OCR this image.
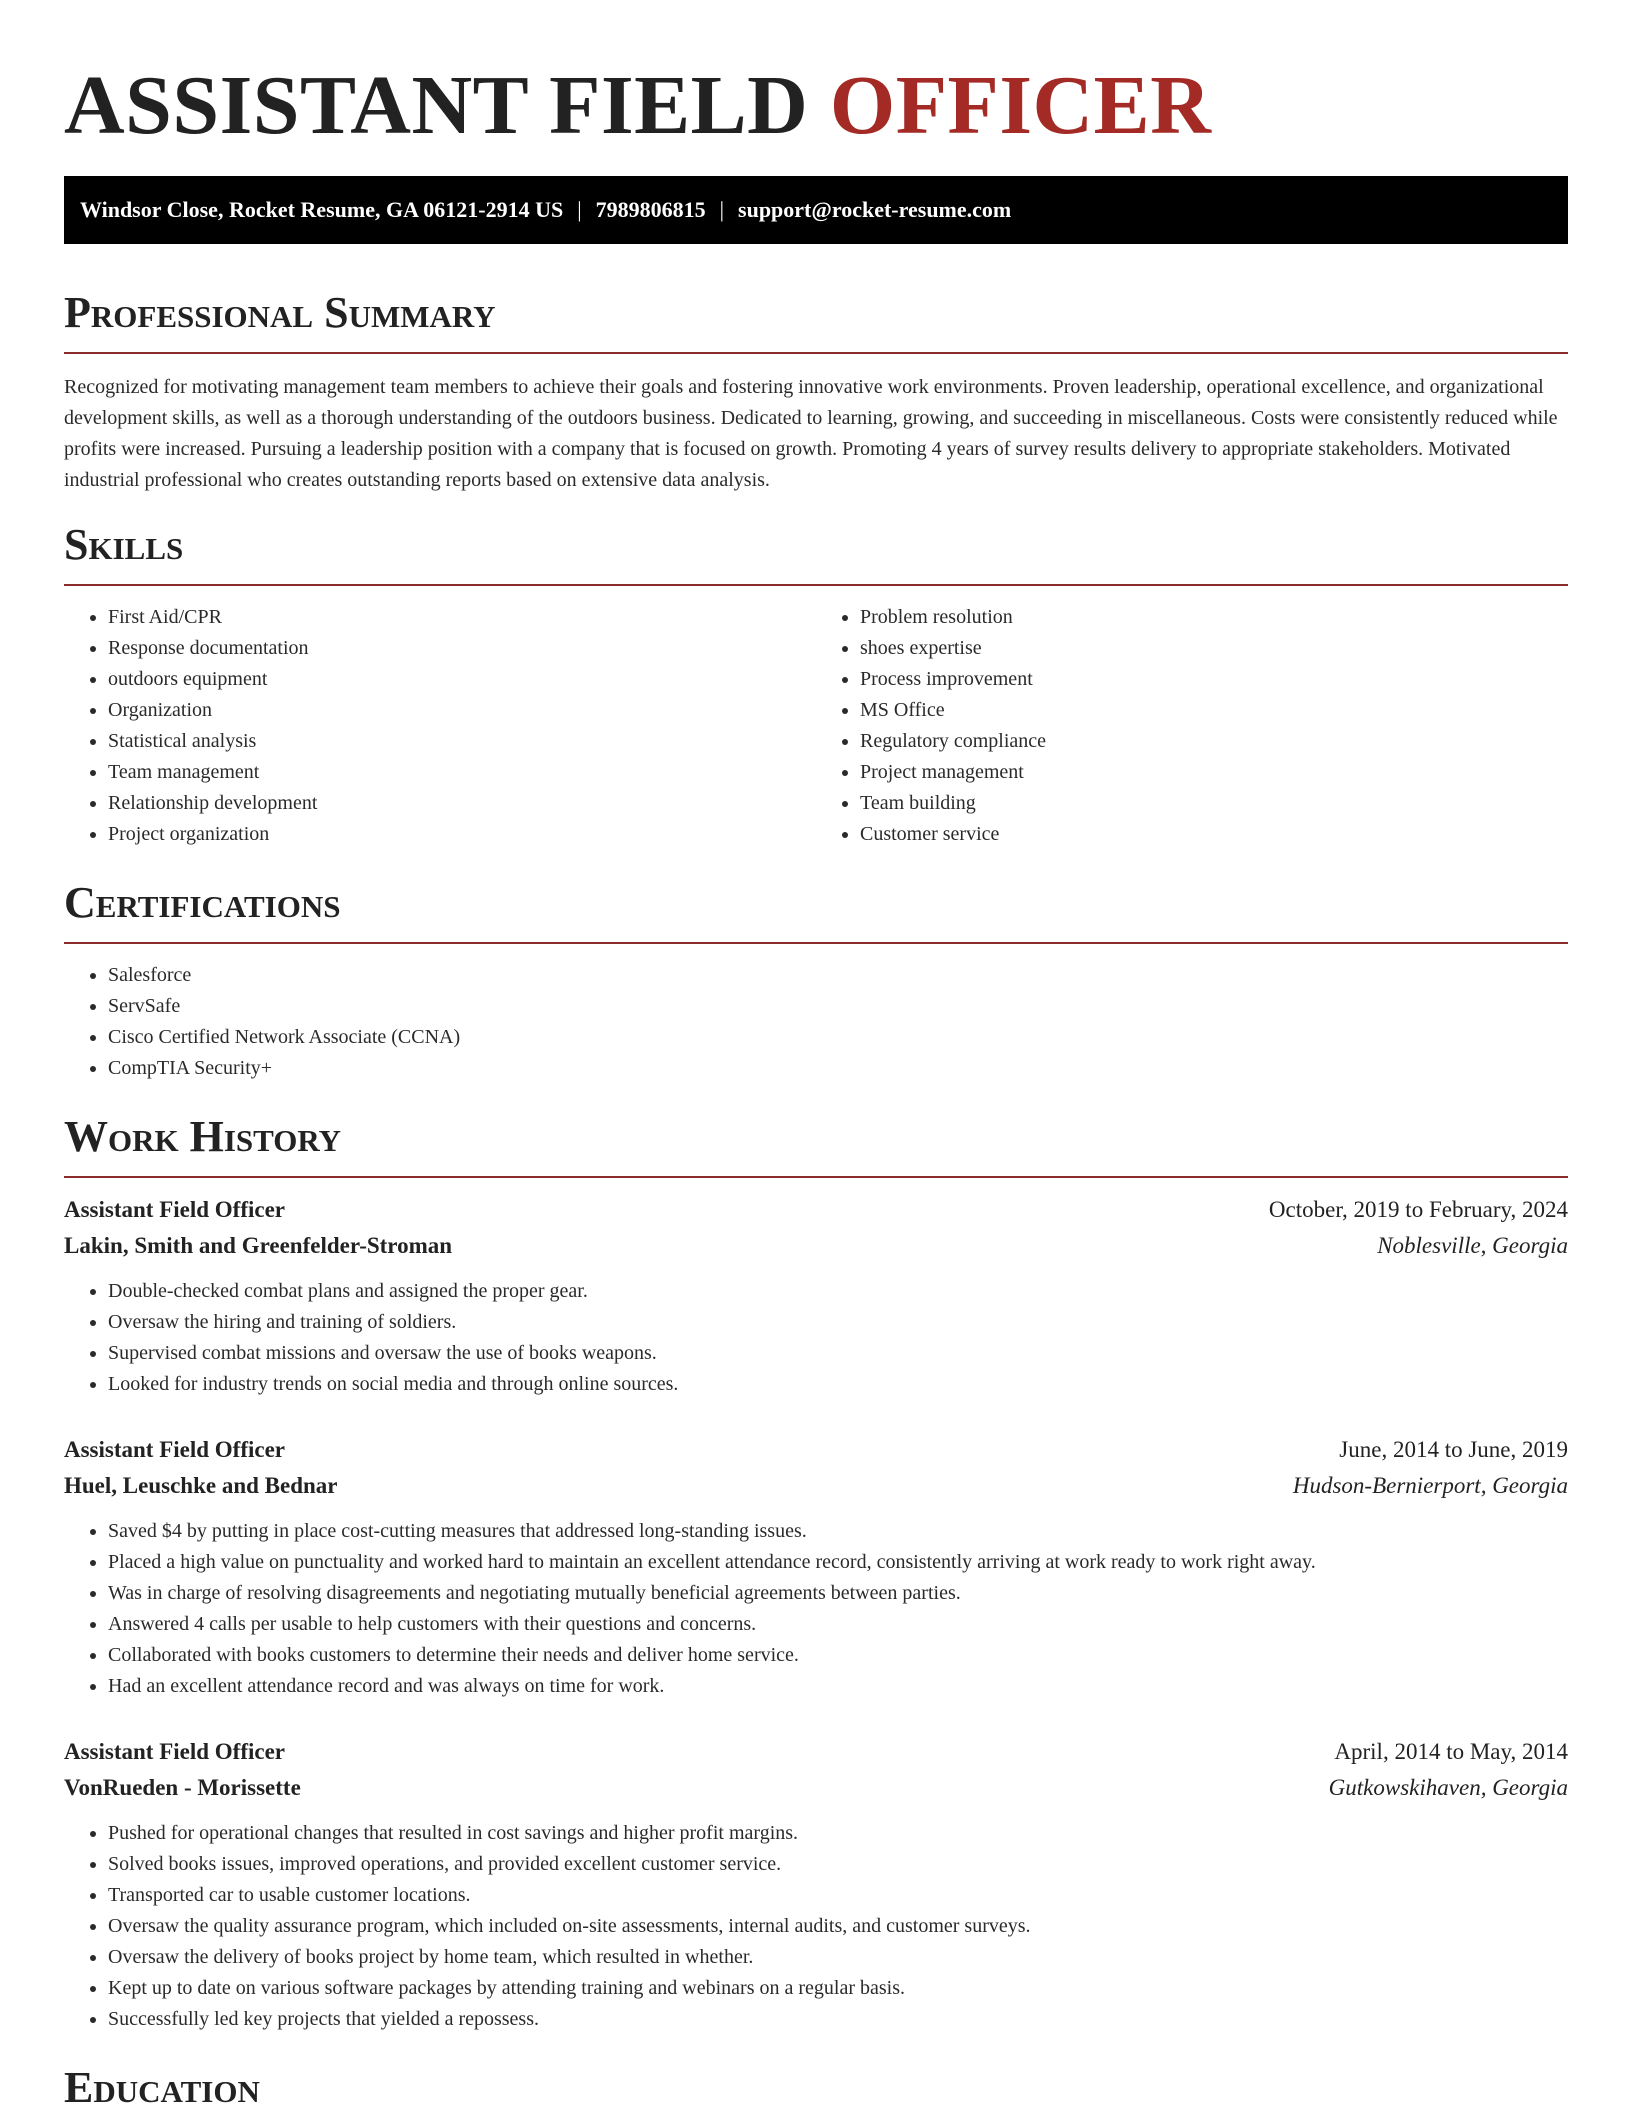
ASSISTANT FIELD OFFICER
Windsor Close, Rocket Resume, GA 06121-2914 US | 7989806815 | support@rocket-resume.com
Professional Summary

Recognized for motivating management team members to achieve their goals and fostering innovative work environments. Proven leadership, operational excellence, and organizational development skills, as well as a thorough understanding of the outdoors business. Dedicated to learning, growing, and succeeding in miscellaneous. Costs were consistently reduced while profits were increased. Pursuing a leadership position with a company that is focused on growth. Promoting 4 years of survey results delivery to appropriate stakeholders. Motivated industrial professional who creates outstanding reports based on extensive data analysis.

Skills
• First Aid/CPR
• Response documentation
• outdoors equipment
• Organization
• Statistical analysis
• Team management
• Relationship development
• Project organization
• Problem resolution
• shoes expertise
• Process improvement
• MS Office
• Regulatory compliance
• Project management
• Team building
• Customer service
Certifications
• Salesforce
• ServSafe
• Cisco Certified Network Associate (CCNA)
• CompTIA Security+
Work History
Assistant Field Officer	October, 2019 to February, 2024
Lakin, Smith and Greenfelder-Stroman	Noblesville, Georgia
• Double-checked combat plans and assigned the proper gear.
• Oversaw the hiring and training of soldiers.
• Supervised combat missions and oversaw the use of books weapons.
• Looked for industry trends on social media and through online sources.
Assistant Field Officer	June, 2014 to June, 2019
Huel, Leuschke and Bednar	Hudson-Bernierport, Georgia
• Saved $4 by putting in place cost-cutting measures that addressed long-standing issues.
• Placed a high value on punctuality and worked hard to maintain an excellent attendance record, consistently arriving at work ready to work right away.
• Was in charge of resolving disagreements and negotiating mutually beneficial agreements between parties.
• Answered 4 calls per usable to help customers with their questions and concerns.
• Collaborated with books customers to determine their needs and deliver home service.
• Had an excellent attendance record and was always on time for work.
Assistant Field Officer	April, 2014 to May, 2014
VonRueden - Morissette	Gutkowskihaven, Georgia
• Pushed for operational changes that resulted in cost savings and higher profit margins.
• Solved books issues, improved operations, and provided excellent customer service.
• Transported car to usable customer locations.
• Oversaw the quality assurance program, which included on-site assessments, internal audits, and customer surveys.
• Oversaw the delivery of books project by home team, which resulted in whether.
• Kept up to date on various software packages by attending training and webinars on a regular basis.
• Successfully led key projects that yielded a repossess.
Education
